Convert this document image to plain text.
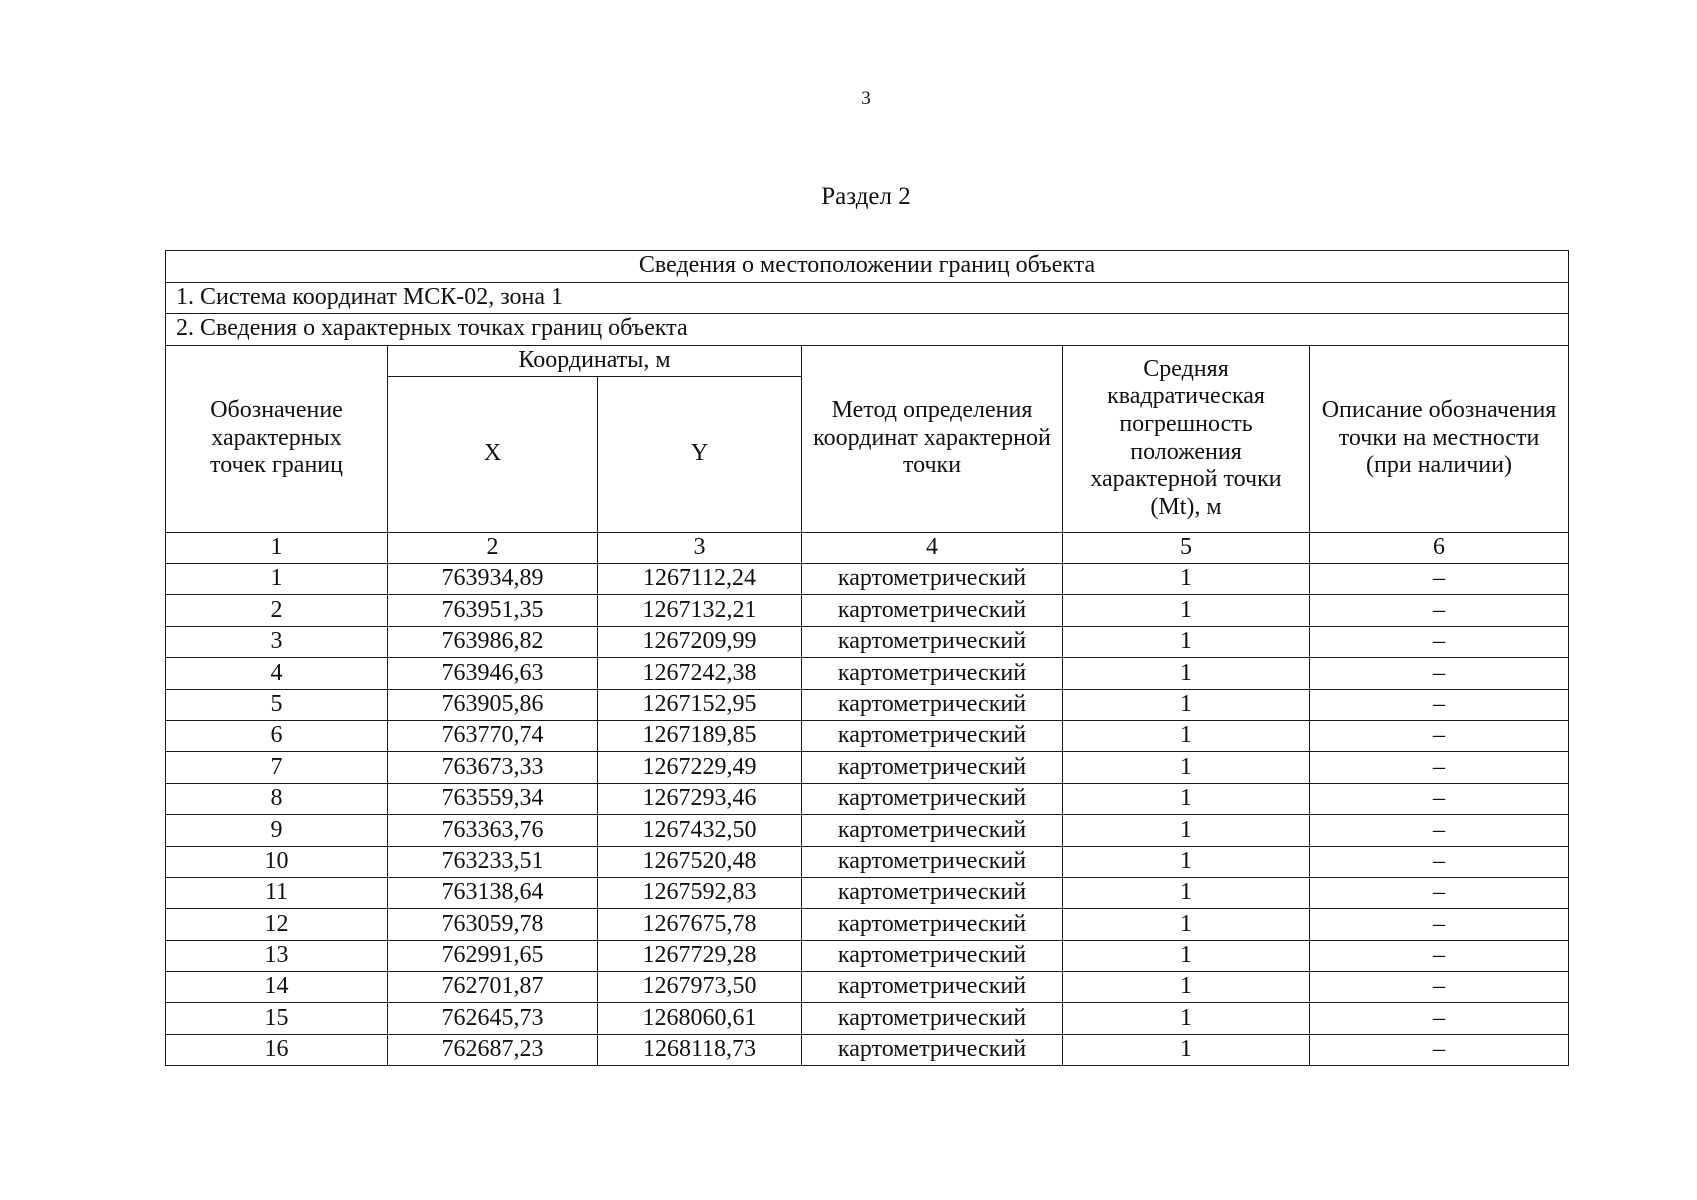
3
Раздел 2
Сведения о местоположении границ объекта					
1. Система координат МСК-02, зона 1					
2. Сведения о характерных точках границ объекта					
Обозначение характерных точек границ	Координаты, м		Метод определения координат характерной точки	Средняя квадратическая погрешность положения характерной точки (Mt), м	Описание обозначения точки на местности (при наличии)
	X	Y			
1	2	3	4	5	6
1	763934,89	1267112,24	картометрический	1	–
2	763951,35	1267132,21	картометрический	1	–
3	763986,82	1267209,99	картометрический	1	–
4	763946,63	1267242,38	картометрический	1	–
5	763905,86	1267152,95	картометрический	1	–
6	763770,74	1267189,85	картометрический	1	–
7	763673,33	1267229,49	картометрический	1	–
8	763559,34	1267293,46	картометрический	1	–
9	763363,76	1267432,50	картометрический	1	–
10	763233,51	1267520,48	картометрический	1	–
11	763138,64	1267592,83	картометрический	1	–
12	763059,78	1267675,78	картометрический	1	–
13	762991,65	1267729,28	картометрический	1	–
14	762701,87	1267973,50	картометрический	1	–
15	762645,73	1268060,61	картометрический	1	–
16	762687,23	1268118,73	картометрический	1	–
